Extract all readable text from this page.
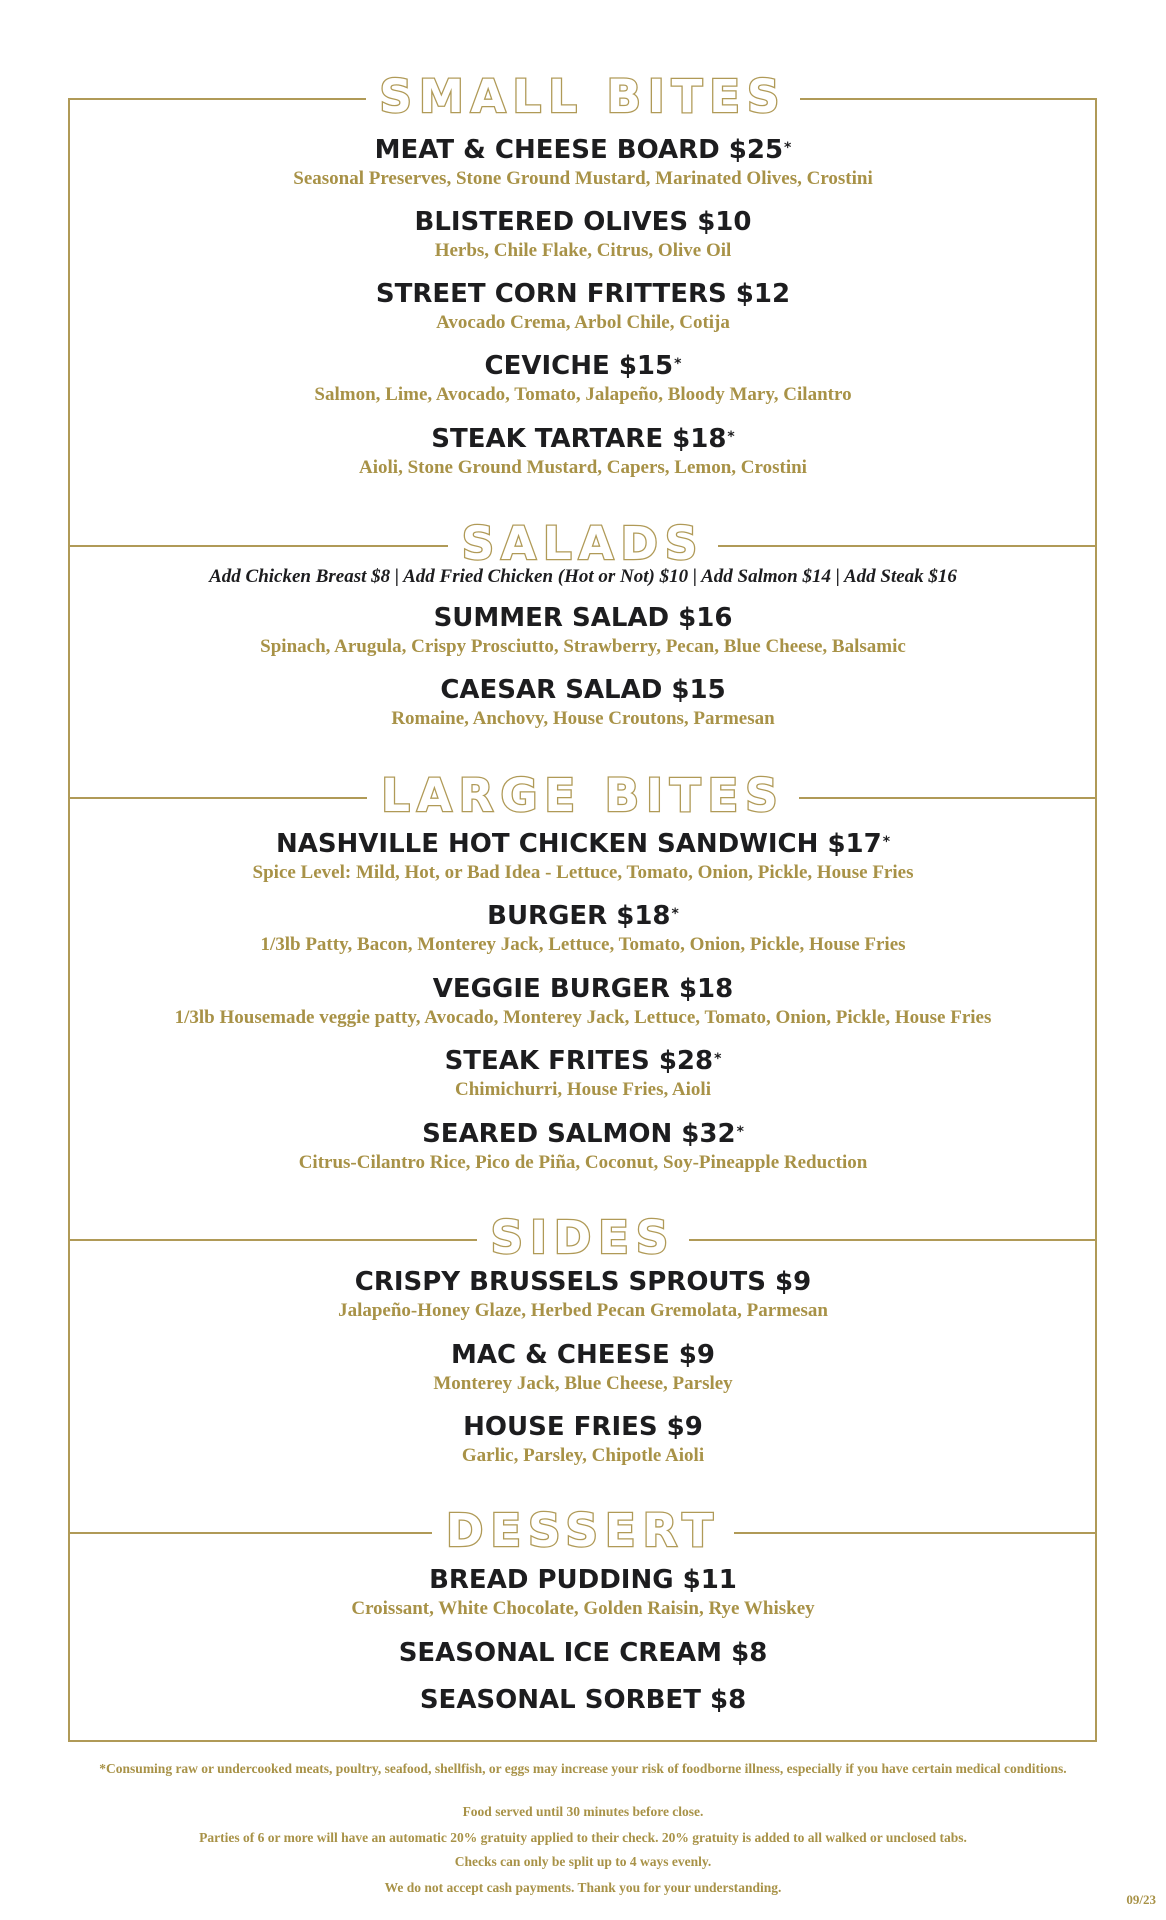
SMALL BITES
MEAT & CHEESE BOARD $25*
Seasonal Preserves, Stone Ground Mustard, Marinated Olives, Crostini
BLISTERED OLIVES $10
Herbs, Chile Flake, Citrus, Olive Oil
STREET CORN FRITTERS $12
Avocado Crema, Arbol Chile, Cotija
CEVICHE $15*
Salmon, Lime, Avocado, Tomato, Jalapeño, Bloody Mary, Cilantro
STEAK TARTARE $18*
Aioli, Stone Ground Mustard, Capers, Lemon, Crostini
SALADS
Add Chicken Breast $8 | Add Fried Chicken (Hot or Not) $10 | Add Salmon $14 | Add Steak $16
SUMMER SALAD $16
Spinach, Arugula, Crispy Prosciutto, Strawberry, Pecan, Blue Cheese, Balsamic
CAESAR SALAD $15
Romaine, Anchovy, House Croutons, Parmesan
LARGE BITES
NASHVILLE HOT CHICKEN SANDWICH $17*
Spice Level: Mild, Hot, or Bad Idea - Lettuce, Tomato, Onion, Pickle, House Fries
BURGER $18*
1/3lb Patty, Bacon, Monterey Jack, Lettuce, Tomato, Onion, Pickle, House Fries
VEGGIE BURGER $18
1/3lb Housemade veggie patty, Avocado, Monterey Jack, Lettuce, Tomato, Onion, Pickle, House Fries
STEAK FRITES $28*
Chimichurri, House Fries, Aioli
SEARED SALMON $32*
Citrus-Cilantro Rice, Pico de Piña, Coconut, Soy-Pineapple Reduction
SIDES
CRISPY BRUSSELS SPROUTS $9
Jalapeño-Honey Glaze, Herbed Pecan Gremolata, Parmesan
MAC & CHEESE $9
Monterey Jack, Blue Cheese, Parsley
HOUSE FRIES $9
Garlic, Parsley, Chipotle Aioli
DESSERT
BREAD PUDDING $11
Croissant, White Chocolate, Golden Raisin, Rye Whiskey
SEASONAL ICE CREAM $8
SEASONAL SORBET $8
*Consuming raw or undercooked meats, poultry, seafood, shellfish, or eggs may increase your risk of foodborne illness, especially if you have certain medical conditions.
Food served until 30 minutes before close.
Parties of 6 or more will have an automatic 20% gratuity applied to their check. 20% gratuity is added to all walked or unclosed tabs.
Checks can only be split up to 4 ways evenly.
We do not accept cash payments. Thank you for your understanding.
09/23
